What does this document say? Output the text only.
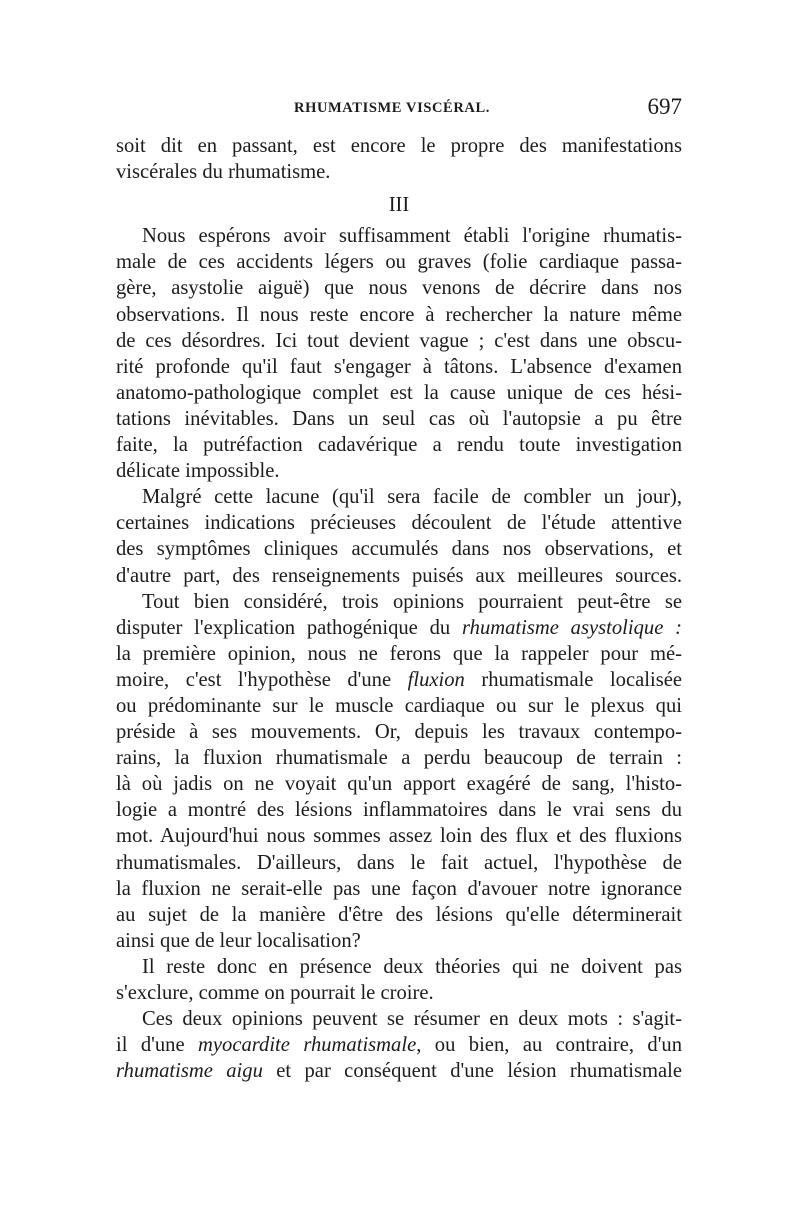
RHUMATISME VISCÉRAL.	697
soit dit en passant, est encore le propre des manifestations
viscérales du rhumatisme.
III
Nous espérons avoir suffisamment établi l'origine rhumatis-
male de ces accidents légers ou graves (folie cardiaque passa-
gère, asystolie aiguë) que nous venons de décrire dans nos
observations. Il nous reste encore à rechercher la nature même
de ces désordres. Ici tout devient vague ; c'est dans une obscu-
rité profonde qu'il faut s'engager à tâtons. L'absence d'examen
anatomo-pathologique complet est la cause unique de ces hési-
tations inévitables. Dans un seul cas où l'autopsie a pu être
faite, la putréfaction cadavérique a rendu toute investigation
délicate impossible.
Malgré cette lacune (qu'il sera facile de combler un jour),
certaines indications précieuses découlent de l'étude attentive
des symptômes cliniques accumulés dans nos observations, et
d'autre part, des renseignements puisés aux meilleures sources.
Tout bien considéré, trois opinions pourraient peut-être se
disputer l'explication pathogénique du rhumatisme asystolique :
la première opinion, nous ne ferons que la rappeler pour mé-
moire, c'est l'hypothèse d'une fluxion rhumatismale localisée
ou prédominante sur le muscle cardiaque ou sur le plexus qui
préside à ses mouvements. Or, depuis les travaux contempo-
rains, la fluxion rhumatismale a perdu beaucoup de terrain :
là où jadis on ne voyait qu'un apport exagéré de sang, l'histo-
logie a montré des lésions inflammatoires dans le vrai sens du
mot. Aujourd'hui nous sommes assez loin des flux et des fluxions
rhumatismales. D'ailleurs, dans le fait actuel, l'hypothèse de
la fluxion ne serait-elle pas une façon d'avouer notre ignorance
au sujet de la manière d'être des lésions qu'elle déterminerait
ainsi que de leur localisation?
Il reste donc en présence deux théories qui ne doivent pas
s'exclure, comme on pourrait le croire.
Ces deux opinions peuvent se résumer en deux mots : s'agit-
il d'une myocardite rhumatismale, ou bien, au contraire, d'un
rhumatisme aigu et par conséquent d'une lésion rhumatismale
